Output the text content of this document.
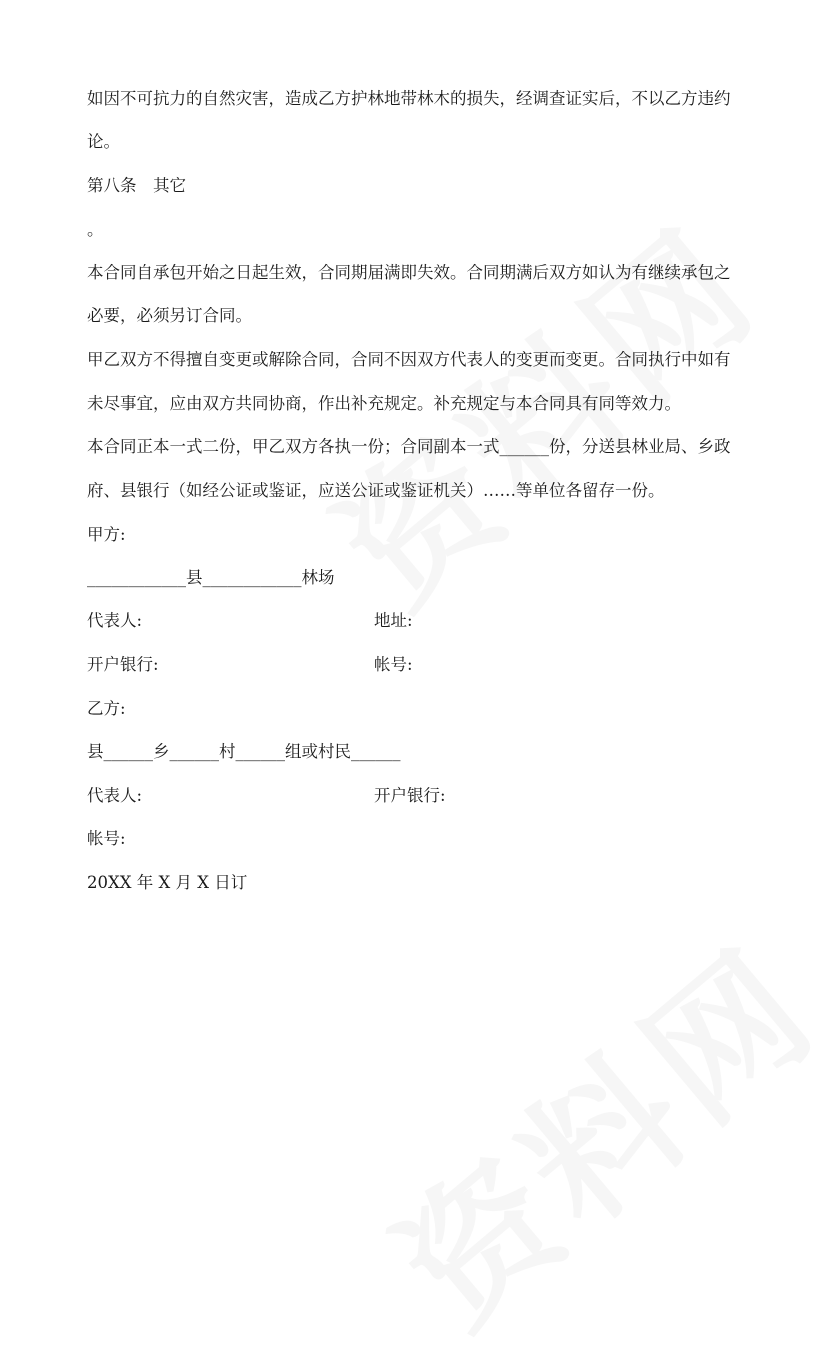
如因不可抗力的自然灾害，造成乙方护林地带林木的损失，经调查证实后，不以乙方违约
论。
第八条　其它
。
本合同自承包开始之日起生效，合同期届满即失效。合同期满后双方如认为有继续承包之
必要，必须另订合同。
甲乙双方不得擅自变更或解除合同，合同不因双方代表人的变更而变更。合同执行中如有
未尽事宜，应由双方共同协商，作出补充规定。补充规定与本合同具有同等效力。
本合同正本一式二份，甲乙双方各执一份；合同副本一式______份，分送县林业局、乡政
府、县银行（如经公证或鉴证，应送公证或鉴证机关）……等单位各留存一份。
甲方:
____________县____________林场
代表人:	地址:
开户银行:	帐号:
乙方:
县______乡______村______组或村民______
代表人:	开户银行:
帐号:
20XX 年 X 月 X 日订
